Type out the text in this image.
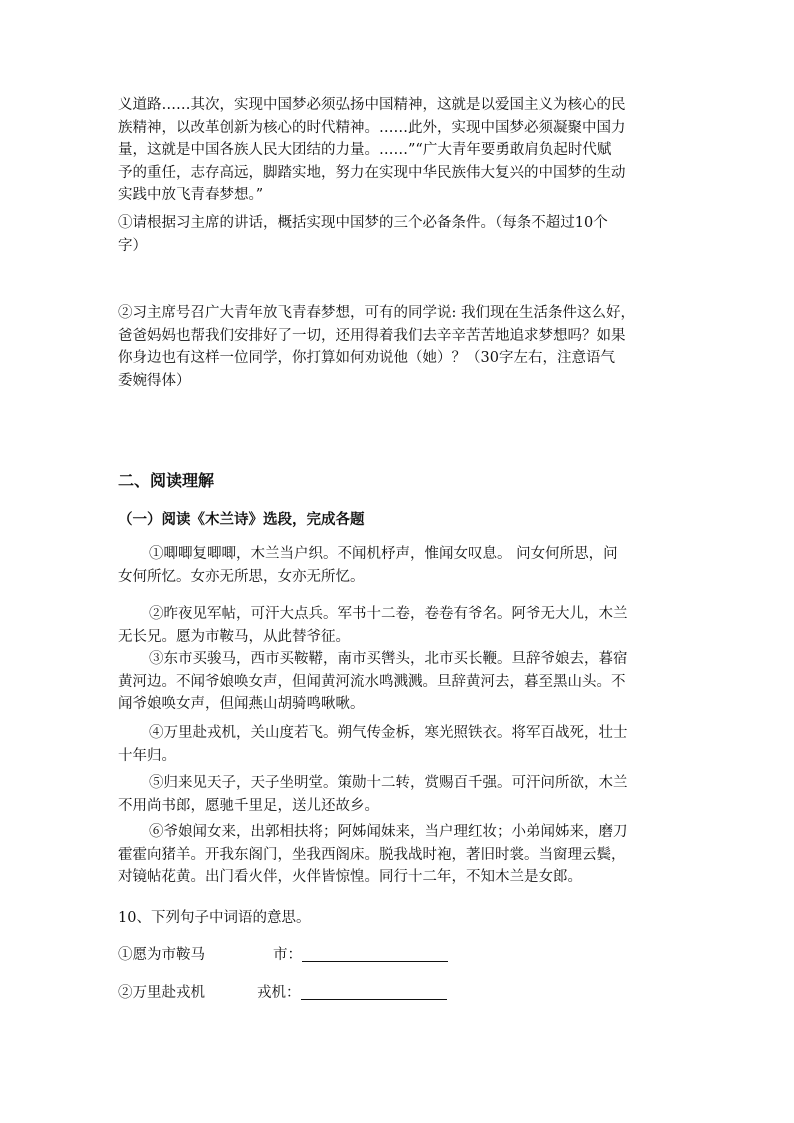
义道路……其次，实现中国梦必须弘扬中国精神，这就是以爱国主义为核心的民
族精神，以改革创新为核心的时代精神。……此外，实现中国梦必须凝聚中国力
量，这就是中国各族人民大团结的力量。……”“广大青年要勇敢肩负起时代赋
予的重任，志存高远，脚踏实地，努力在实现中华民族伟大复兴的中国梦的生动
实践中放飞青春梦想。”
①请根据习主席的讲话，概括实现中国梦的三个必备条件。（每条不超过10个
字）
②习主席号召广大青年放飞青春梦想，可有的同学说: 我们现在生活条件这么好，
爸爸妈妈也帮我们安排好了一切，还用得着我们去辛辛苦苦地追求梦想吗？如果
你身边也有这样一位同学，你打算如何劝说他（她）？（30字左右，注意语气
委婉得体）
二、阅读理解
（一）阅读《木兰诗》选段，完成各题
①唧唧复唧唧，木兰当户织。不闻机杼声，惟闻女叹息。 问女何所思，问
女何所忆。女亦无所思，女亦无所忆。
②昨夜见军帖，可汗大点兵。军书十二卷，卷卷有爷名。阿爷无大儿，木兰
无长兄。愿为市鞍马，从此替爷征。
③东市买骏马，西市买鞍鞯，南市买辔头，北市买长鞭。旦辞爷娘去，暮宿
黄河边。不闻爷娘唤女声，但闻黄河流水鸣溅溅。旦辞黄河去，暮至黑山头。不
闻爷娘唤女声，但闻燕山胡骑鸣啾啾。
④万里赴戎机，关山度若飞。朔气传金柝，寒光照铁衣。将军百战死，壮士
十年归。
⑤归来见天子，天子坐明堂。策勋十二转，赏赐百千强。可汗问所欲，木兰
不用尚书郎，愿驰千里足，送儿还故乡。
⑥爷娘闻女来，出郭相扶将；阿姊闻妹来，当户理红妆；小弟闻姊来，磨刀
霍霍向猪羊。开我东阁门，坐我西阁床。脱我战时袍，著旧时裳。当窗理云鬓，
对镜帖花黄。出门看火伴，火伴皆惊惶。同行十二年，不知木兰是女郎。
10、下列句子中词语的意思。
①愿为市鞍马	市：
②万里赴戎机	戎机：
